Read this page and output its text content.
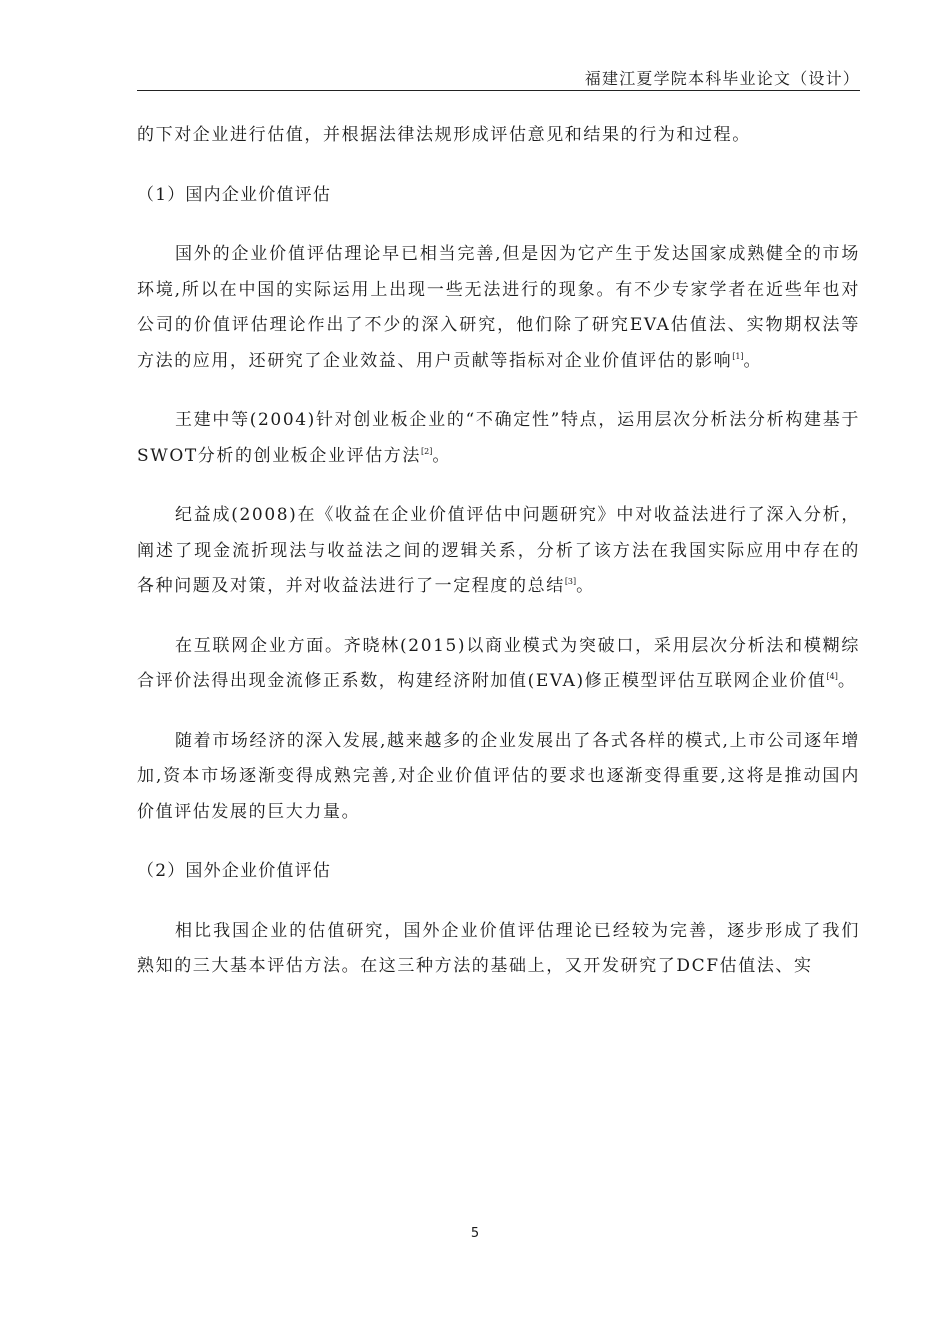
福建江夏学院本科毕业论文（设计）

的下对企业进行估值，并根据法律法规形成评估意见和结果的行为和过程。

（1）国内企业价值评估

国外的企业价值评估理论早已相当完善,但是因为它产生于发达国家成熟健全的市场环境,所以在中国的实际运用上出现一些无法进行的现象。有不少专家学者在近些年也对公司的价值评估理论作出了不少的深入研究，他们除了研究EVA估值法、实物期权法等方法的应用，还研究了企业效益、用户贡献等指标对企业价值评估的影响[1]。

王建中等(2004)针对创业板企业的“不确定性”特点，运用层次分析法分析构建基于SWOT分析的创业板企业评估方法[2]。

纪益成(2008)在《收益在企业价值评估中问题研究》中对收益法进行了深入分析，阐述了现金流折现法与收益法之间的逻辑关系，分析了该方法在我国实际应用中存在的各种问题及对策，并对收益法进行了一定程度的总结[3]。

在互联网企业方面。齐晓林(2015)以商业模式为突破口，采用层次分析法和模糊综合评价法得出现金流修正系数，构建经济附加值(EVA)修正模型评估互联网企业价值[4]。

随着市场经济的深入发展,越来越多的企业发展出了各式各样的模式,上市公司逐年增加,资本市场逐渐变得成熟完善,对企业价值评估的要求也逐渐变得重要,这将是推动国内价值评估发展的巨大力量。

（2）国外企业价值评估

相比我国企业的估值研究，国外企业价值评估理论已经较为完善，逐步形成了我们熟知的三大基本评估方法。在这三种方法的基础上，又开发研究了DCF估值法、实

5
